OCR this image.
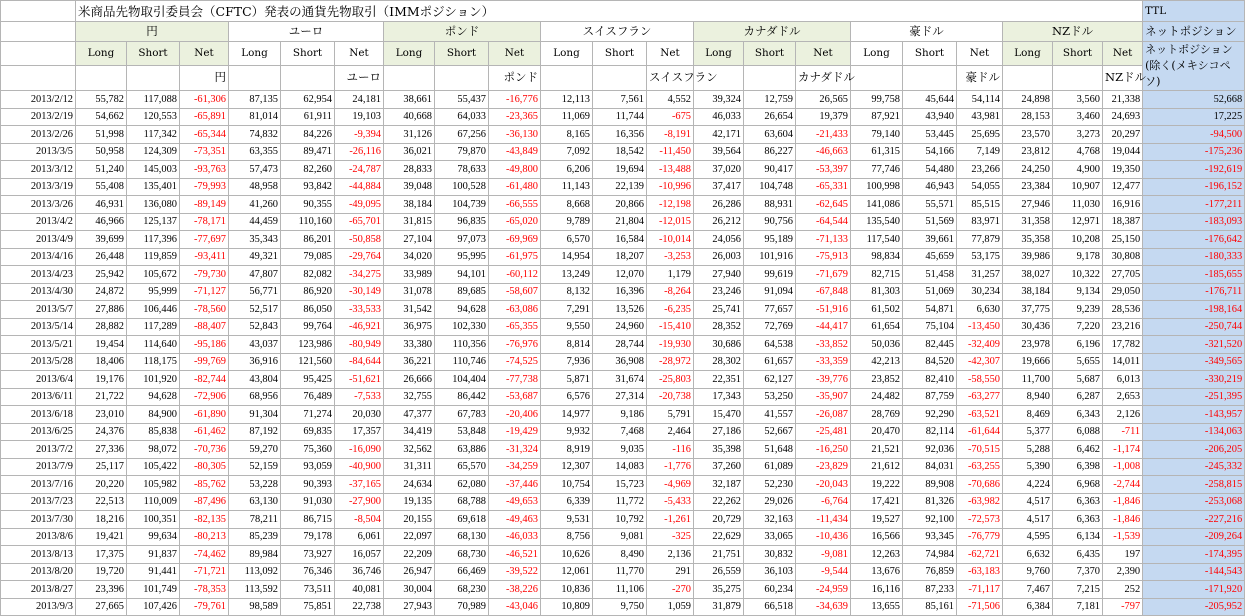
	米商品先物取引委員会（CFTC）発表の通貨先物取引（IMMポジション）																					TTL
	円			ユーロ			ポンド			スイスフラン			カナダドル			豪ドル			NZドル			ネットポジション
	Long	Short	Net	Long	Short	Net	Long	Short	Net	Long	Short	Net	Long	Short	Net	Long	Short	Net	Long	Short	Net	ネットポジション(除く(メキシコペソ)
			円			ユーロ			ポンド			スイスフラン			カナダドル			豪ドル			NZドル	
2013/2/12	55,782	117,088	-61,306	87,135	62,954	24,181	38,661	55,437	-16,776	12,113	7,561	4,552	39,324	12,759	26,565	99,758	45,644	54,114	24,898	3,560	21,338	52,668
2013/2/19	54,662	120,553	-65,891	81,014	61,911	19,103	40,668	64,033	-23,365	11,069	11,744	-675	46,033	26,654	19,379	87,921	43,940	43,981	28,153	3,460	24,693	17,225
2013/2/26	51,998	117,342	-65,344	74,832	84,226	-9,394	31,126	67,256	-36,130	8,165	16,356	-8,191	42,171	63,604	-21,433	79,140	53,445	25,695	23,570	3,273	20,297	-94,500
2013/3/5	50,958	124,309	-73,351	63,355	89,471	-26,116	36,021	79,870	-43,849	7,092	18,542	-11,450	39,564	86,227	-46,663	61,315	54,166	7,149	23,812	4,768	19,044	-175,236
2013/3/12	51,240	145,003	-93,763	57,473	82,260	-24,787	28,833	78,633	-49,800	6,206	19,694	-13,488	37,020	90,417	-53,397	77,746	54,480	23,266	24,250	4,900	19,350	-192,619
2013/3/19	55,408	135,401	-79,993	48,958	93,842	-44,884	39,048	100,528	-61,480	11,143	22,139	-10,996	37,417	104,748	-65,331	100,998	46,943	54,055	23,384	10,907	12,477	-196,152
2013/3/26	46,931	136,080	-89,149	41,260	90,355	-49,095	38,184	104,739	-66,555	8,668	20,866	-12,198	26,286	88,931	-62,645	141,086	55,571	85,515	27,946	11,030	16,916	-177,211
2013/4/2	46,966	125,137	-78,171	44,459	110,160	-65,701	31,815	96,835	-65,020	9,789	21,804	-12,015	26,212	90,756	-64,544	135,540	51,569	83,971	31,358	12,971	18,387	-183,093
2013/4/9	39,699	117,396	-77,697	35,343	86,201	-50,858	27,104	97,073	-69,969	6,570	16,584	-10,014	24,056	95,189	-71,133	117,540	39,661	77,879	35,358	10,208	25,150	-176,642
2013/4/16	26,448	119,859	-93,411	49,321	79,085	-29,764	34,020	95,995	-61,975	14,954	18,207	-3,253	26,003	101,916	-75,913	98,834	45,659	53,175	39,986	9,178	30,808	-180,333
2013/4/23	25,942	105,672	-79,730	47,807	82,082	-34,275	33,989	94,101	-60,112	13,249	12,070	1,179	27,940	99,619	-71,679	82,715	51,458	31,257	38,027	10,322	27,705	-185,655
2013/4/30	24,872	95,999	-71,127	56,771	86,920	-30,149	31,078	89,685	-58,607	8,132	16,396	-8,264	23,246	91,094	-67,848	81,303	51,069	30,234	38,184	9,134	29,050	-176,711
2013/5/7	27,886	106,446	-78,560	52,517	86,050	-33,533	31,542	94,628	-63,086	7,291	13,526	-6,235	25,741	77,657	-51,916	61,502	54,871	6,630	37,775	9,239	28,536	-198,164
2013/5/14	28,882	117,289	-88,407	52,843	99,764	-46,921	36,975	102,330	-65,355	9,550	24,960	-15,410	28,352	72,769	-44,417	61,654	75,104	-13,450	30,436	7,220	23,216	-250,744
2013/5/21	19,454	114,640	-95,186	43,037	123,986	-80,949	33,380	110,356	-76,976	8,814	28,744	-19,930	30,686	64,538	-33,852	50,036	82,445	-32,409	23,978	6,196	17,782	-321,520
2013/5/28	18,406	118,175	-99,769	36,916	121,560	-84,644	36,221	110,746	-74,525	7,936	36,908	-28,972	28,302	61,657	-33,359	42,213	84,520	-42,307	19,666	5,655	14,011	-349,565
2013/6/4	19,176	101,920	-82,744	43,804	95,425	-51,621	26,666	104,404	-77,738	5,871	31,674	-25,803	22,351	62,127	-39,776	23,852	82,410	-58,550	11,700	5,687	6,013	-330,219
2013/6/11	21,722	94,628	-72,906	68,956	76,489	-7,533	32,755	86,442	-53,687	6,576	27,314	-20,738	17,343	53,250	-35,907	24,482	87,759	-63,277	8,940	6,287	2,653	-251,395
2013/6/18	23,010	84,900	-61,890	91,304	71,274	20,030	47,377	67,783	-20,406	14,977	9,186	5,791	15,470	41,557	-26,087	28,769	92,290	-63,521	8,469	6,343	2,126	-143,957
2013/6/25	24,376	85,838	-61,462	87,192	69,835	17,357	34,419	53,848	-19,429	9,932	7,468	2,464	27,186	52,667	-25,481	20,470	82,114	-61,644	5,377	6,088	-711	-134,063
2013/7/2	27,336	98,072	-70,736	59,270	75,360	-16,090	32,562	63,886	-31,324	8,919	9,035	-116	35,398	51,648	-16,250	21,521	92,036	-70,515	5,288	6,462	-1,174	-206,205
2013/7/9	25,117	105,422	-80,305	52,159	93,059	-40,900	31,311	65,570	-34,259	12,307	14,083	-1,776	37,260	61,089	-23,829	21,612	84,031	-63,255	5,390	6,398	-1,008	-245,332
2013/7/16	20,220	105,982	-85,762	53,228	90,393	-37,165	24,634	62,080	-37,446	10,754	15,723	-4,969	32,187	52,230	-20,043	19,222	89,908	-70,686	4,224	6,968	-2,744	-258,815
2013/7/23	22,513	110,009	-87,496	63,130	91,030	-27,900	19,135	68,788	-49,653	6,339	11,772	-5,433	22,262	29,026	-6,764	17,421	81,326	-63,982	4,517	6,363	-1,846	-253,068
2013/7/30	18,216	100,351	-82,135	78,211	86,715	-8,504	20,155	69,618	-49,463	9,531	10,792	-1,261	20,729	32,163	-11,434	19,527	92,100	-72,573	4,517	6,363	-1,846	-227,216
2013/8/6	19,421	99,634	-80,213	85,239	79,178	6,061	22,097	68,130	-46,033	8,756	9,081	-325	22,629	33,065	-10,436	16,566	93,345	-76,779	4,595	6,134	-1,539	-209,264
2013/8/13	17,375	91,837	-74,462	89,984	73,927	16,057	22,209	68,730	-46,521	10,626	8,490	2,136	21,751	30,832	-9,081	12,263	74,984	-62,721	6,632	6,435	197	-174,395
2013/8/20	19,720	91,441	-71,721	113,092	76,346	36,746	26,947	66,469	-39,522	12,061	11,770	291	26,559	36,103	-9,544	13,676	76,859	-63,183	9,760	7,370	2,390	-144,543
2013/8/27	23,396	101,749	-78,353	113,592	73,511	40,081	30,004	68,230	-38,226	10,836	11,106	-270	35,275	60,234	-24,959	16,116	87,233	-71,117	7,467	7,215	252	-171,920
2013/9/3	27,665	107,426	-79,761	98,589	75,851	22,738	27,943	70,989	-43,046	10,809	9,750	1,059	31,879	66,518	-34,639	13,655	85,161	-71,506	6,384	7,181	-797	-205,952
